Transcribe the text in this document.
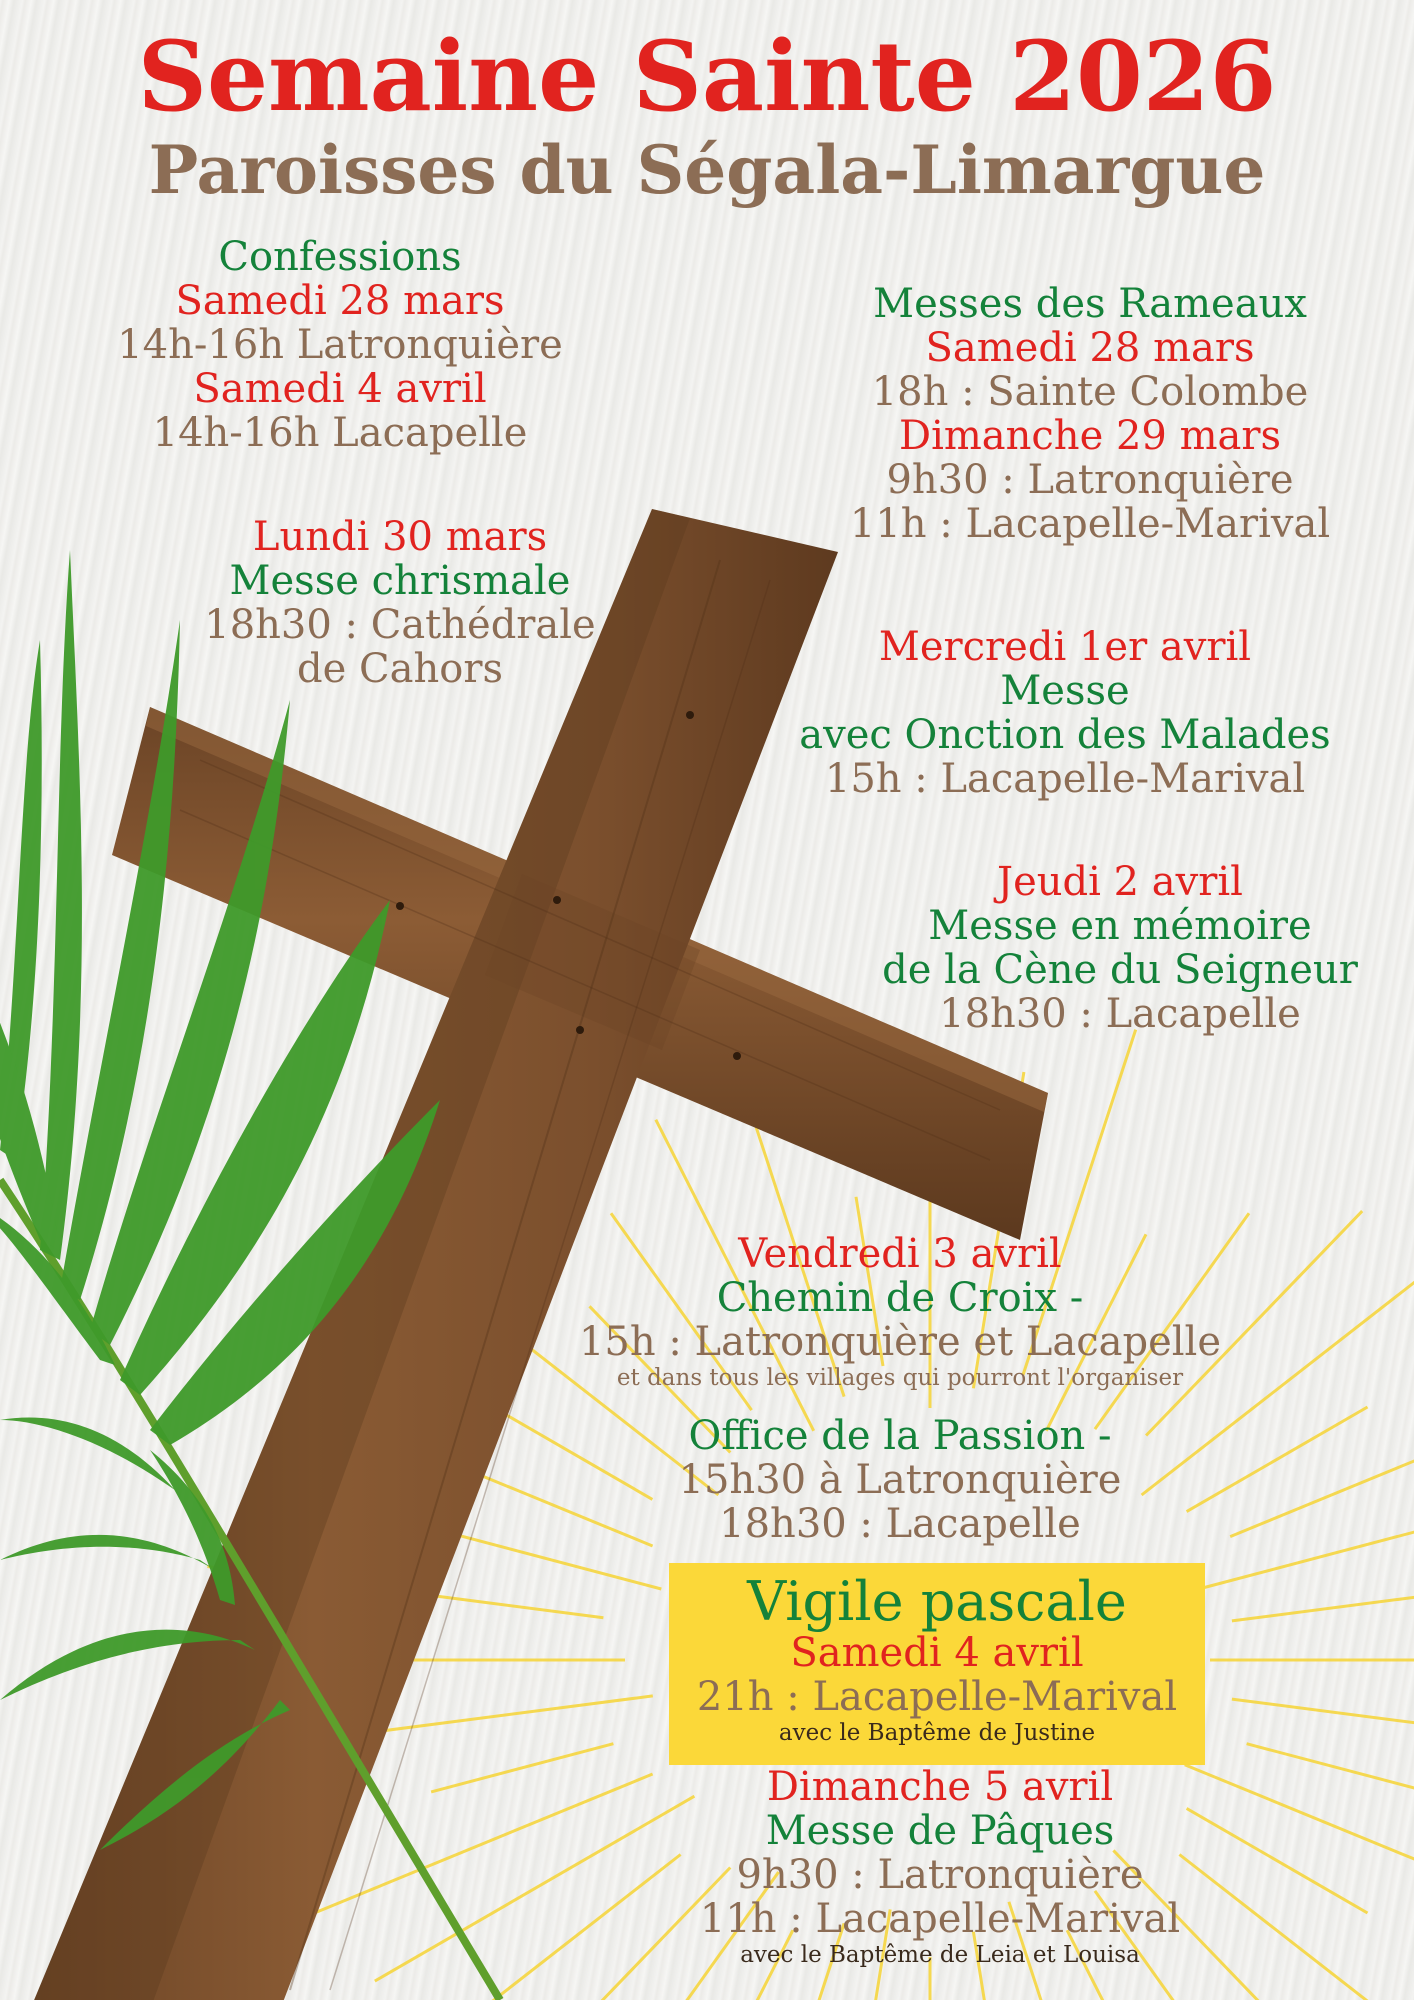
Semaine Sainte 2026
Paroisses du Ségala-Limargue
Confessions
Samedi 28 mars
14h-16h Latronquière
Samedi 4 avril
14h-16h Lacapelle
Messes des Rameaux
Samedi 28 mars
18h : Sainte Colombe
Dimanche 29 mars
9h30 : Latronquière
11h : Lacapelle-Marival
Lundi 30 mars
Messe chrismale
18h30 : Cathédrale
de Cahors	Mercredi 1er avril
Messe
avec Onction des Malades
15h : Lacapelle-Marival
Jeudi 2 avril
Messe en mémoire
de la Cène du Seigneur
18h30 : Lacapelle
Vendredi 3 avril
Chemin de Croix -
15h : Latronquière et Lacapelle
et dans tous les villages qui pourront l'organiser
Office de la Passion -
15h30 à Latronquière
18h30 : Lacapelle
Vigile pascale
Samedi 4 avril
21h : Lacapelle-Marival
avec le Baptême de Justine
Dimanche 5 avril
Messe de Pâques
9h30 : Latronquière
11h : Lacapelle-Marival
avec le Baptême de Leia et Louisa
